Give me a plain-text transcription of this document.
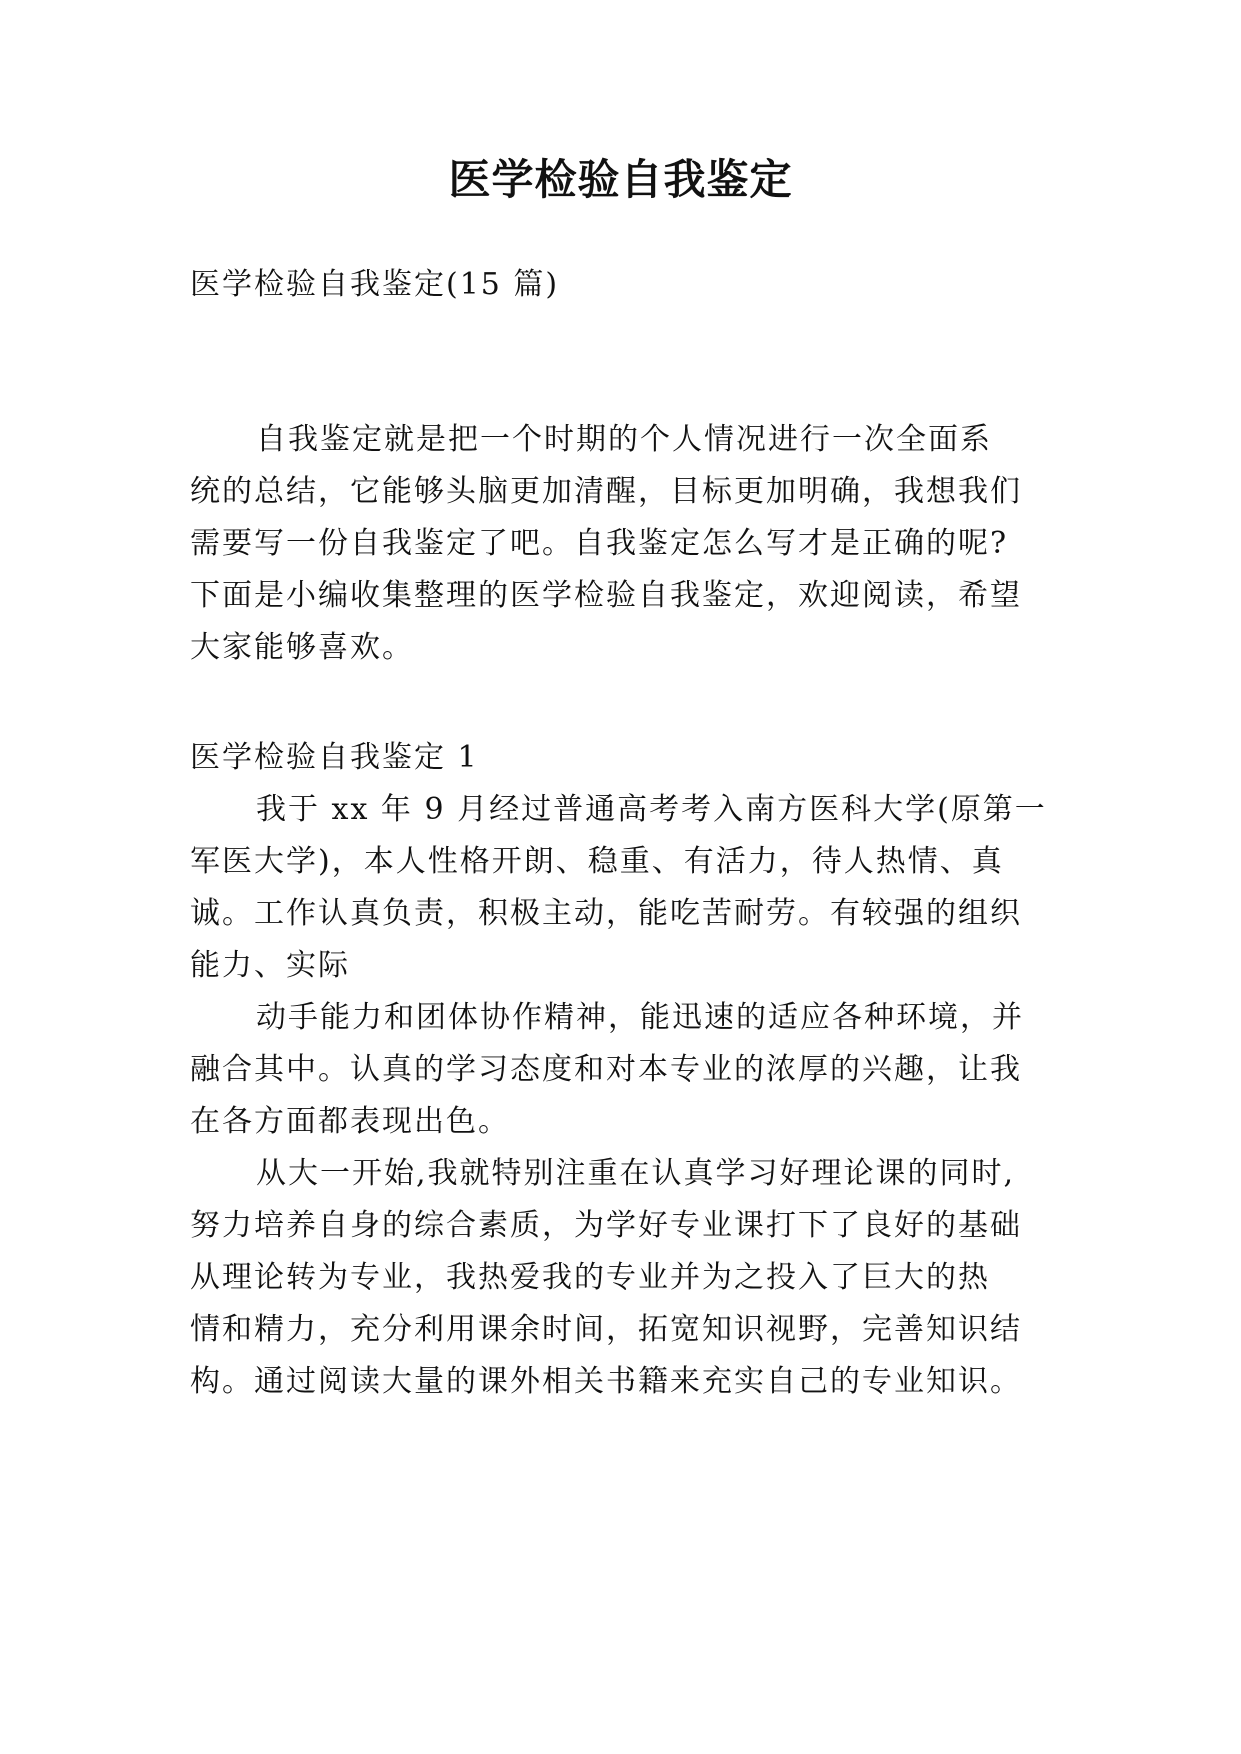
医学检验自我鉴定

医学检验自我鉴定(15 篇)

自我鉴定就是把一个时期的个人情况进行一次全面系

统的总结，它能够头脑更加清醒，目标更加明确，我想我们

需要写一份自我鉴定了吧。自我鉴定怎么写才是正确的呢?

下面是小编收集整理的医学检验自我鉴定，欢迎阅读，希望

大家能够喜欢。

医学检验自我鉴定 1

我于 xx 年 9 月经过普通高考考入南方医科大学(原第一

军医大学)，本人性格开朗、稳重、有活力，待人热情、真

诚。工作认真负责，积极主动，能吃苦耐劳。有较强的组织

能力、实际

动手能力和团体协作精神，能迅速的适应各种环境，并

融合其中。认真的学习态度和对本专业的浓厚的兴趣，让我

在各方面都表现出色。

从大一开始,我就特别注重在认真学习好理论课的同时,

努力培养自身的综合素质，为学好专业课打下了良好的基础

从理论转为专业，我热爱我的专业并为之投入了巨大的热

情和精力，充分利用课余时间，拓宽知识视野，完善知识结

构。通过阅读大量的课外相关书籍来充实自己的专业知识。
